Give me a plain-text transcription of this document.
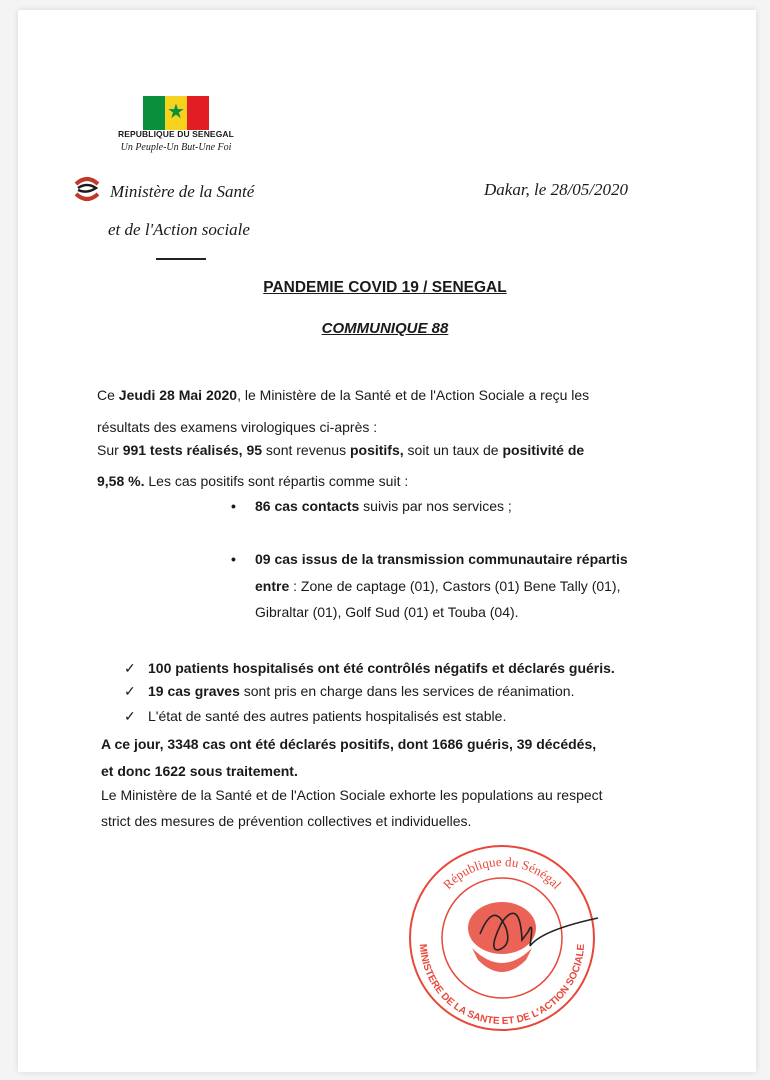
★
REPUBLIQUE DU SENEGAL
Un Peuple-Un But-Une Foi
Ministère de la Santé
et de l'Action sociale
Dakar, le 28/05/2020
PANDEMIE COVID 19 / SENEGAL
COMMUNIQUE 88
Ce Jeudi 28 Mai 2020, le Ministère de la Santé et de l'Action Sociale a reçu les
résultats des examens virologiques ci-après :
Sur 991 tests réalisés, 95 sont revenus positifs, soit un taux de positivité de
9,58 %. Les cas positifs sont répartis comme suit :
• 86 cas contacts suivis par nos services ;
• 09 cas issus de la transmission communautaire répartis
entre : Zone de captage (01), Castors (01) Bene Tally (01),
Gibraltar (01), Golf Sud (01) et Touba (04).
✓ 100 patients hospitalisés ont été contrôlés négatifs et déclarés guéris.
✓ 19 cas graves sont pris en charge dans les services de réanimation.
✓ L'état de santé des autres patients hospitalisés est stable.
A ce jour, 3348 cas ont été déclarés positifs, dont 1686 guéris, 39 décédés,
et donc 1622 sous traitement.
Le Ministère de la Santé et de l'Action Sociale exhorte les populations au respect
strict des mesures de prévention collectives et individuelles.
République du Sénégal
MINISTERE DE LA SANTE ET DE L'ACTION SOCIALE
